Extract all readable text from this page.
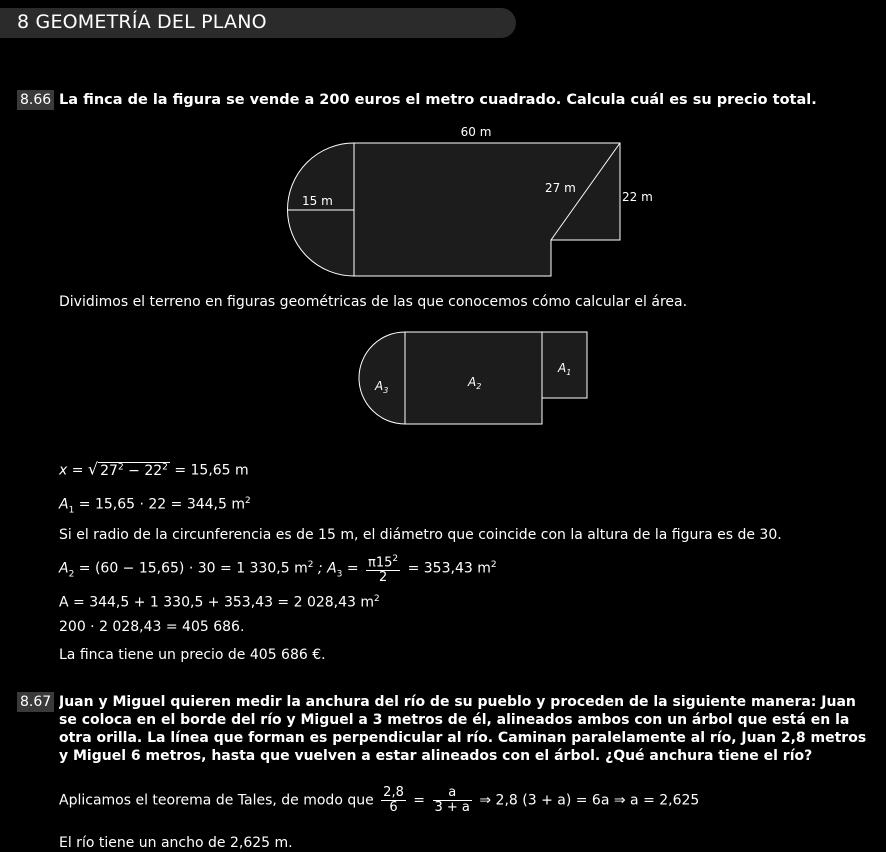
8 GEOMETRÍA DEL PLANO
8.66 La finca de la figura se vende a 200 euros el metro cuadrado. Calcula cuál es su precio total.
60 m
15 m
27 m
22 m
Dividimos el terreno en figuras geométricas de las que conocemos cómo calcular el área.
$A_1$
$A_2$
$A_3$
x = √ $27^2 - 22^2 = 15,65$ m
$A_1 = 15,65 \cdot 22 = 344,5$ $m^2$
Si el radio de la circunferencia es de 15 m, el diámetro que coincide con la altura de la figura es de 30.
$A_2 = (60 - 15,65) \cdot 30 = 1$ 330,5 $m^2$ ; $A_3 = \frac{\pi 15^2}{2} = 353,43$ $m^2$
A = 344,5 + 1 330,5 + 353,43 = 2 028,43 $m^2$
200 · 2 028,43 = 405 686.
La finca tiene un precio de 405 686 €.
8.67 Juan y Miguel quieren medir la anchura del río de su pueblo y proceden de la siguiente manera: Juan
se coloca en el borde del río y Miguel a 3 metros de él, alineados ambos con un árbol que está en la
otra orilla. La línea que forman es perpendicular al río. Caminan paralelamente al río, Juan 2,8 metros
y Miguel 6 metros, hasta que vuelven a estar alineados con el árbol. ¿Qué anchura tiene el río?
Aplicamos el teorema de Tales, de modo que $\frac{2,8}{6} = \frac{a}{3 + a}$ ⇒ 2,8 (3 + a) = 6a ⇒ a = 2,625
El río tiene un ancho de 2,625 m.
